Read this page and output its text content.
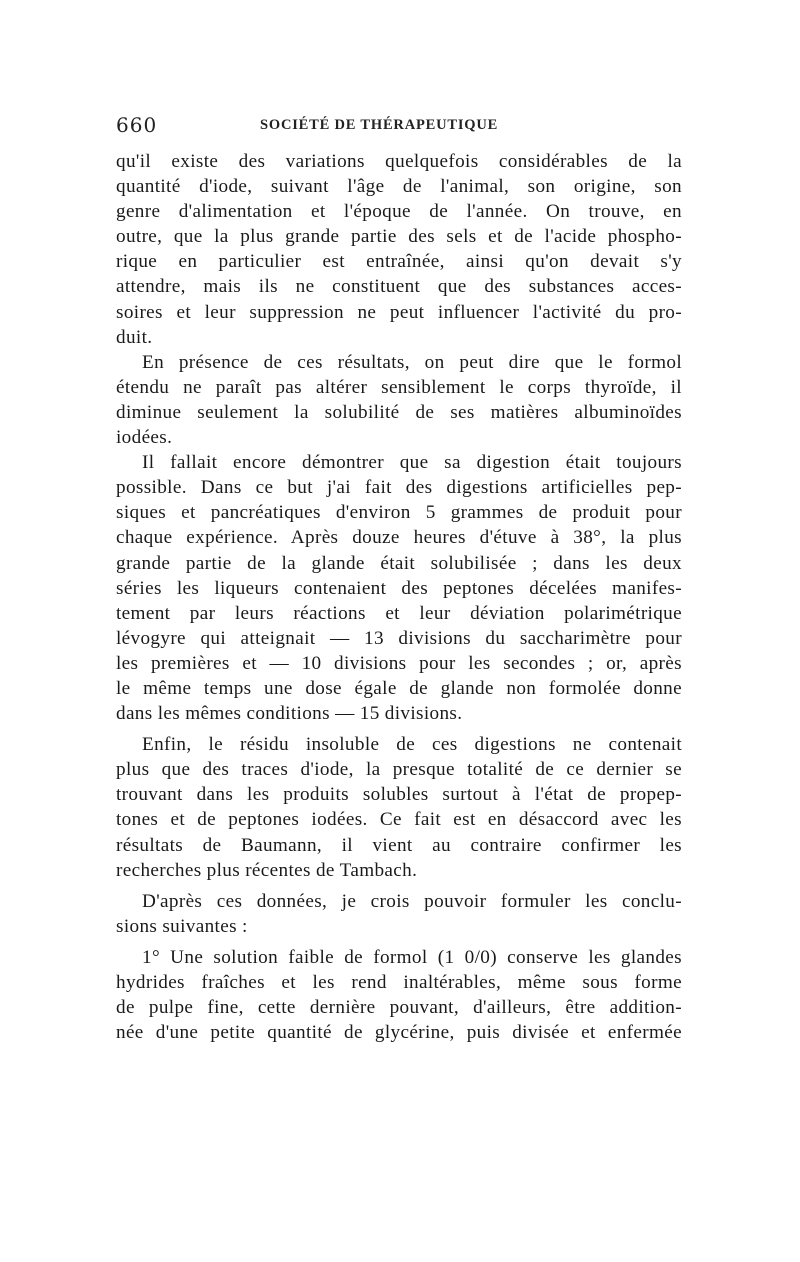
660	SOCIÉTÉ DE THÉRAPEUTIQUE
qu'il existe des variations quelquefois considérables de la
quantité d'iode, suivant l'âge de l'animal, son origine, son
genre d'alimentation et l'époque de l'année. On trouve, en
outre, que la plus grande partie des sels et de l'acide phospho-
rique en particulier est entraînée, ainsi qu'on devait s'y
attendre, mais ils ne constituent que des substances acces-
soires et leur suppression ne peut influencer l'activité du pro-
duit.
En présence de ces résultats, on peut dire que le formol
étendu ne paraît pas altérer sensiblement le corps thyroïde, il
diminue seulement la solubilité de ses matières albuminoïdes
iodées.
Il fallait encore démontrer que sa digestion était toujours
possible. Dans ce but j'ai fait des digestions artificielles pep-
siques et pancréatiques d'environ 5 grammes de produit pour
chaque expérience. Après douze heures d'étuve à 38°, la plus
grande partie de la glande était solubilisée ; dans les deux
séries les liqueurs contenaient des peptones décelées manifes-
tement par leurs réactions et leur déviation polarimétrique
lévogyre qui atteignait — 13 divisions du saccharimètre pour
les premières et — 10 divisions pour les secondes ; or, après
le même temps une dose égale de glande non formolée donne
dans les mêmes conditions — 15 divisions.
Enfin, le résidu insoluble de ces digestions ne contenait
plus que des traces d'iode, la presque totalité de ce dernier se
trouvant dans les produits solubles surtout à l'état de propep-
tones et de peptones iodées. Ce fait est en désaccord avec les
résultats de Baumann, il vient au contraire confirmer les
recherches plus récentes de Tambach.
D'après ces données, je crois pouvoir formuler les conclu-
sions suivantes :
1° Une solution faible de formol (1 0/0) conserve les glandes
hydrides fraîches et les rend inaltérables, même sous forme
de pulpe fine, cette dernière pouvant, d'ailleurs, être addition-
née d'une petite quantité de glycérine, puis divisée et enfermée
